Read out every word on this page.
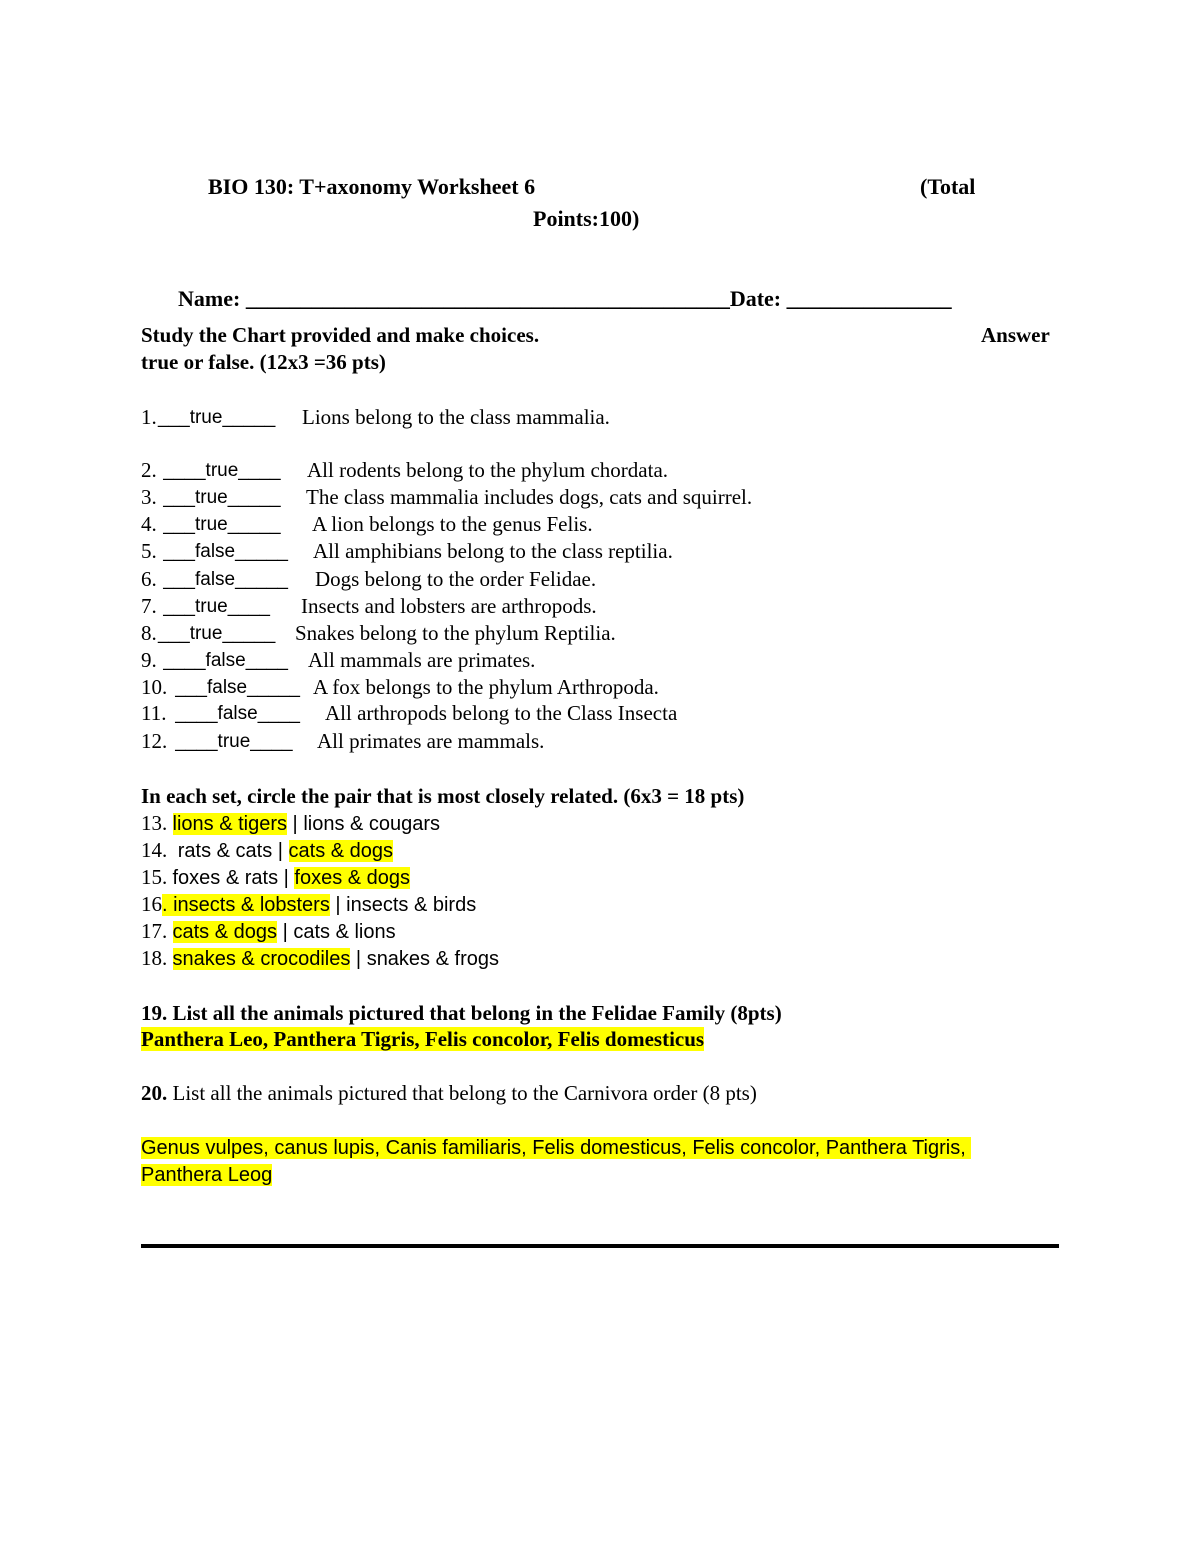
BIO 130: T+axonomy Worksheet 6	(Total
Points:100)

Name: ____________________________________________Date: _______________

Study the Chart provided and make choices.	Answer
true or false. (12x3 =36 pts)
1. ___true_____ Lions belong to the class mammalia.
2. ____true____ All rodents belong to the phylum chordata.
3. ___true_____ The class mammalia includes dogs, cats and squirrel.
4. ___true_____ A lion belongs to the genus Felis.
5. ___false_____ All amphibians belong to the class reptilia.
6. ___false_____ Dogs belong to the order Felidae.
7. ___true____ Insects and lobsters are arthropods.
8. ___true_____ Snakes belong to the phylum Reptilia.
9. ____false____ All mammals are primates.
10. ___false_____ A fox belongs to the phylum Arthropoda.
11. ____false____ All arthropods belong to the Class Insecta
12. ____true____ All primates are mammals.
In each set, circle the pair that is most closely related. (6x3 = 18 pts)
13. lions & tigers | lions & cougars
14.  rats & cats | cats & dogs
15. foxes & rats | foxes & dogs
16. insects & lobsters | insects & birds
17. cats & dogs | cats & lions
18. snakes & crocodiles | snakes & frogs
19. List all the animals pictured that belong in the Felidae Family (8pts)
Panthera Leo, Panthera Tigris, Felis concolor, Felis domesticus
20. List all the animals pictured that belong to the Carnivora order (8 pts)
Genus vulpes, canus lupis, Canis familiaris, Felis domesticus, Felis concolor, Panthera Tigris,
Panthera Leog
